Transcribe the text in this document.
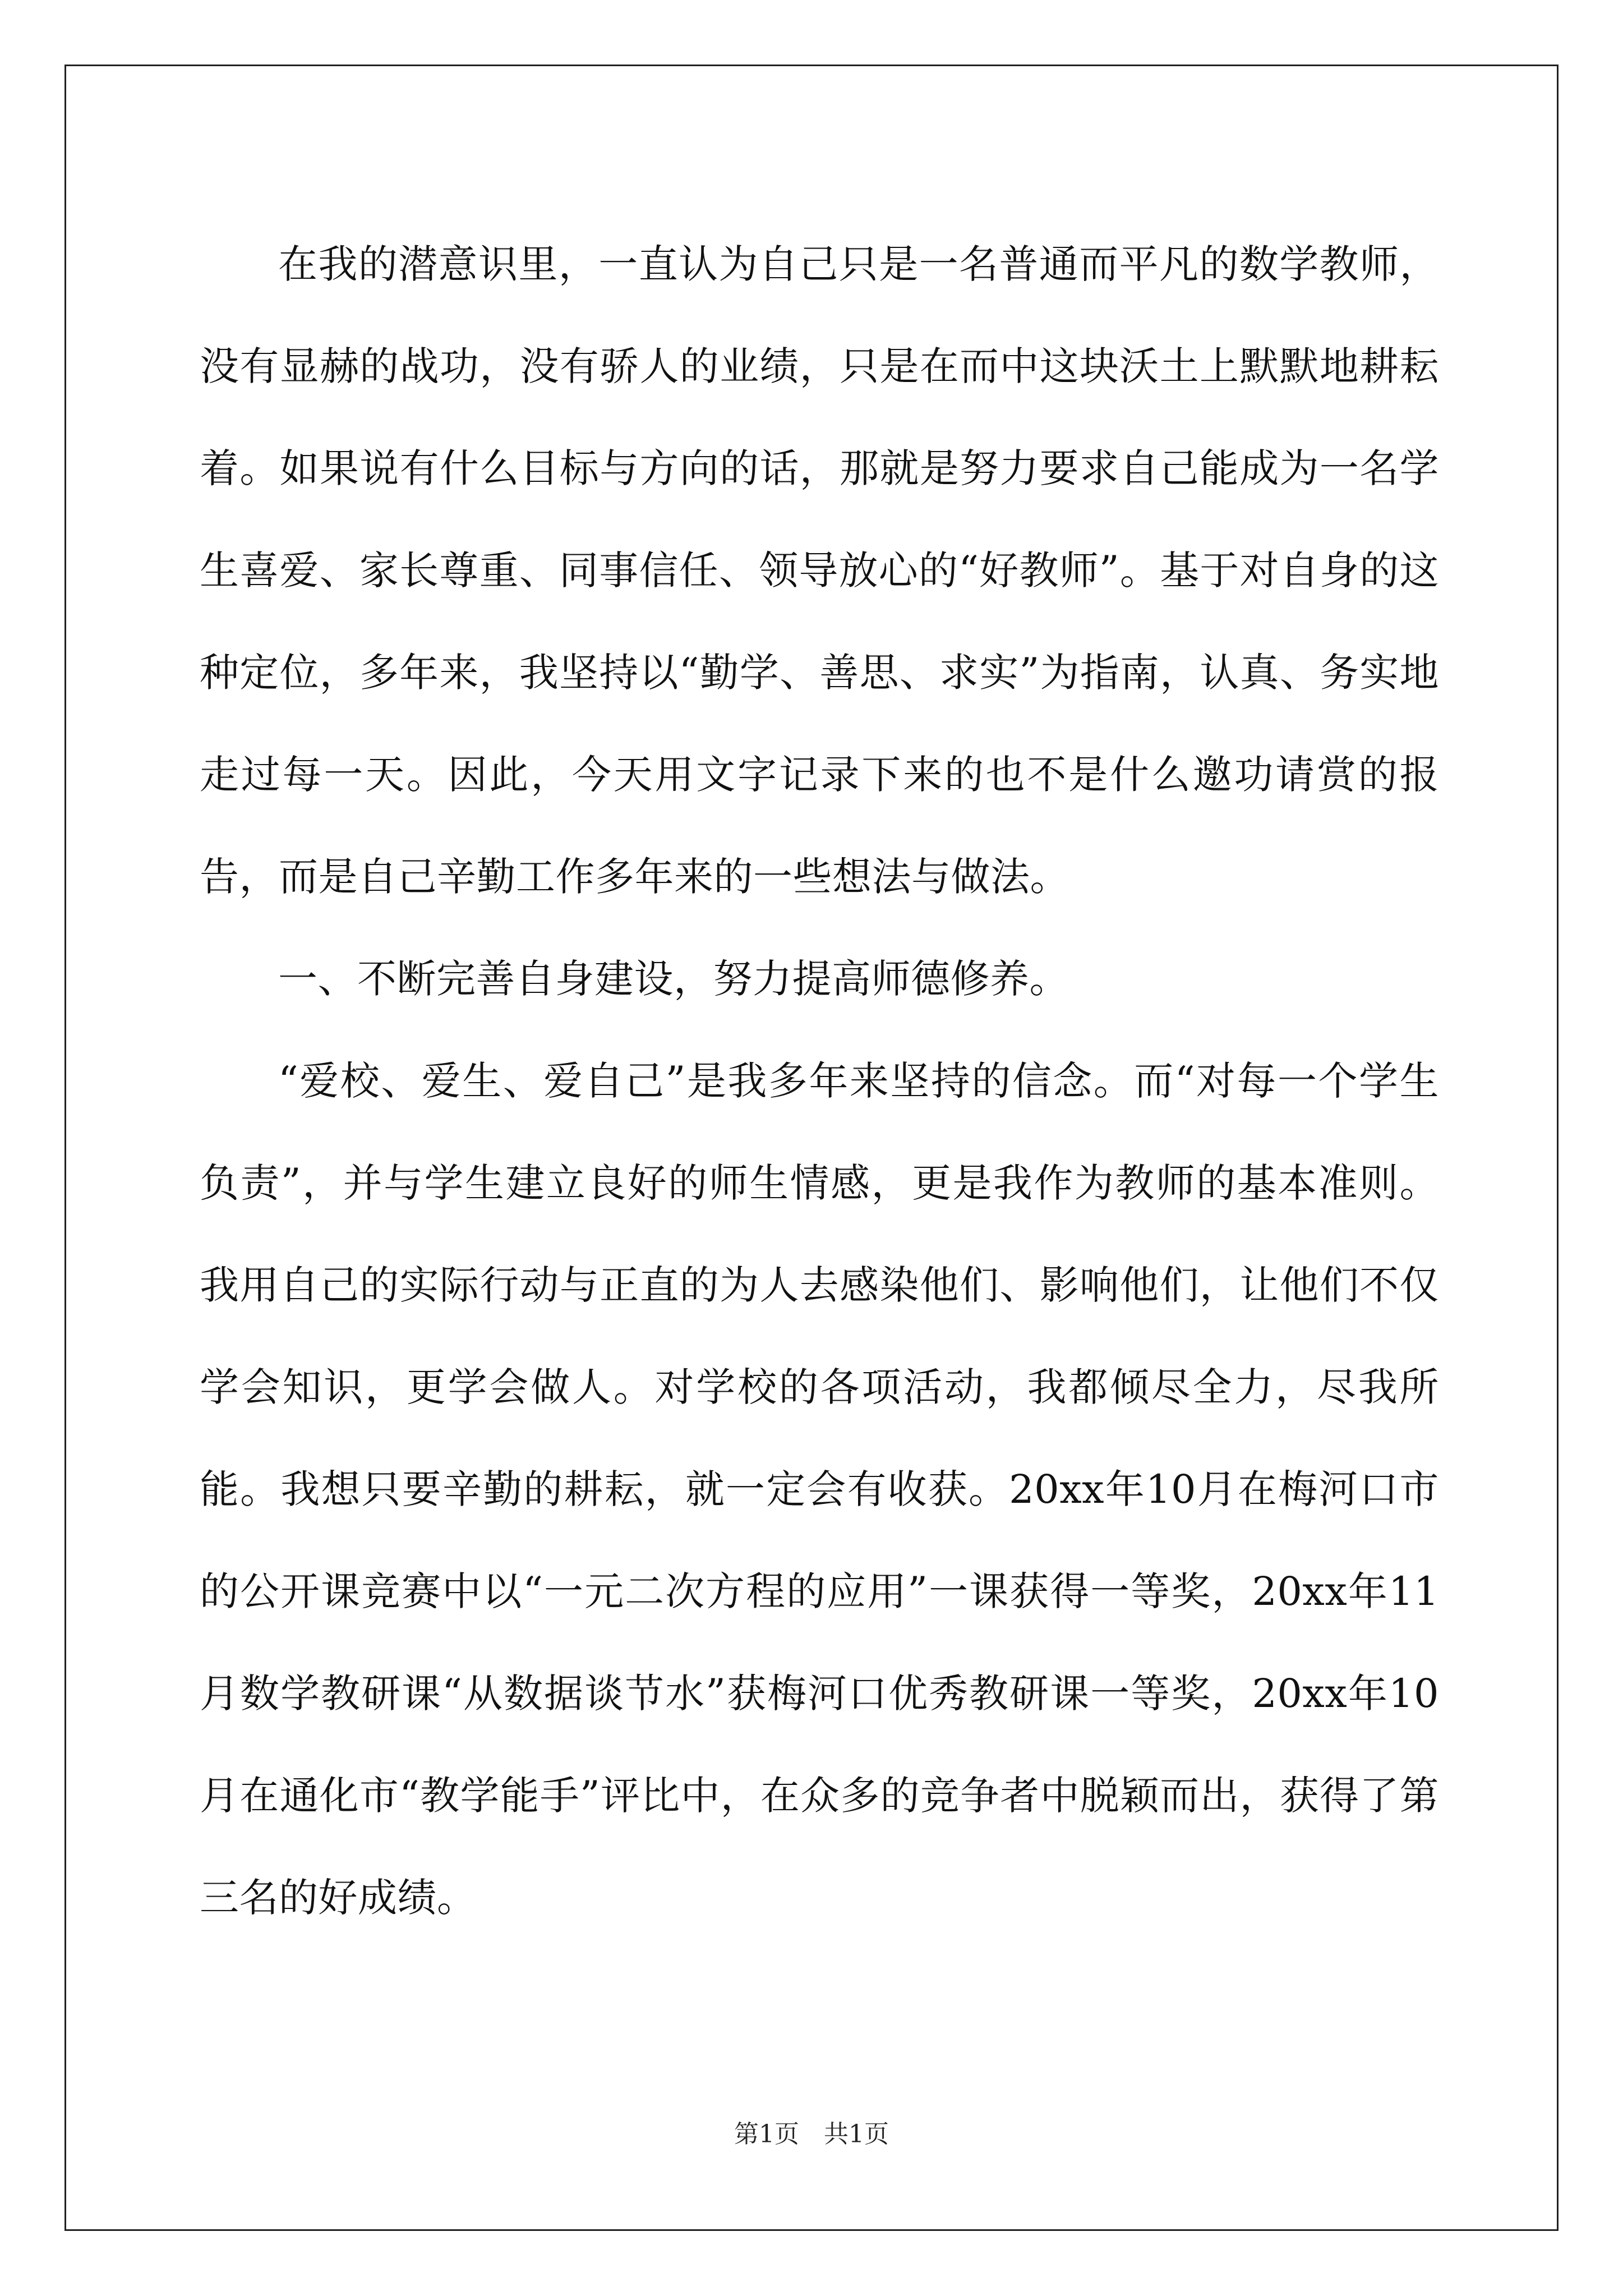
在我的潜意识里，一直认为自己只是一名普通而平凡的数学教师，没有显赫的战功，没有骄人的业绩，只是在而中这块沃土上默默地耕耘着。如果说有什么目标与方向的话，那就是努力要求自己能成为一名学生喜爱、家长尊重、同事信任、领导放心的“好教师”。基于对自身的这种定位，多年来，我坚持以“勤学、善思、求实”为指南，认真、务实地走过每一天。因此，今天用文字记录下来的也不是什么邀功请赏的报告，而是自己辛勤工作多年来的一些想法与做法。

一、不断完善自身建设，努力提高师德修养。

“爱校、爱生、爱自己”是我多年来坚持的信念。而“对每一个学生负责”，并与学生建立良好的师生情感，更是我作为教师的基本准则。我用自己的实际行动与正直的为人去感染他们、影响他们，让他们不仅学会知识，更学会做人。对学校的各项活动，我都倾尽全力，尽我所能。我想只要辛勤的耕耘，就一定会有收获。20xx年10月在梅河口市的公开课竞赛中以“一元二次方程的应用”一课获得一等奖，20xx年11月数学教研课“从数据谈节水”获梅河口优秀教研课一等奖，20xx年10月在通化市“教学能手”评比中，在众多的竞争者中脱颖而出，获得了第三名的好成绩。

第1页 共1页
